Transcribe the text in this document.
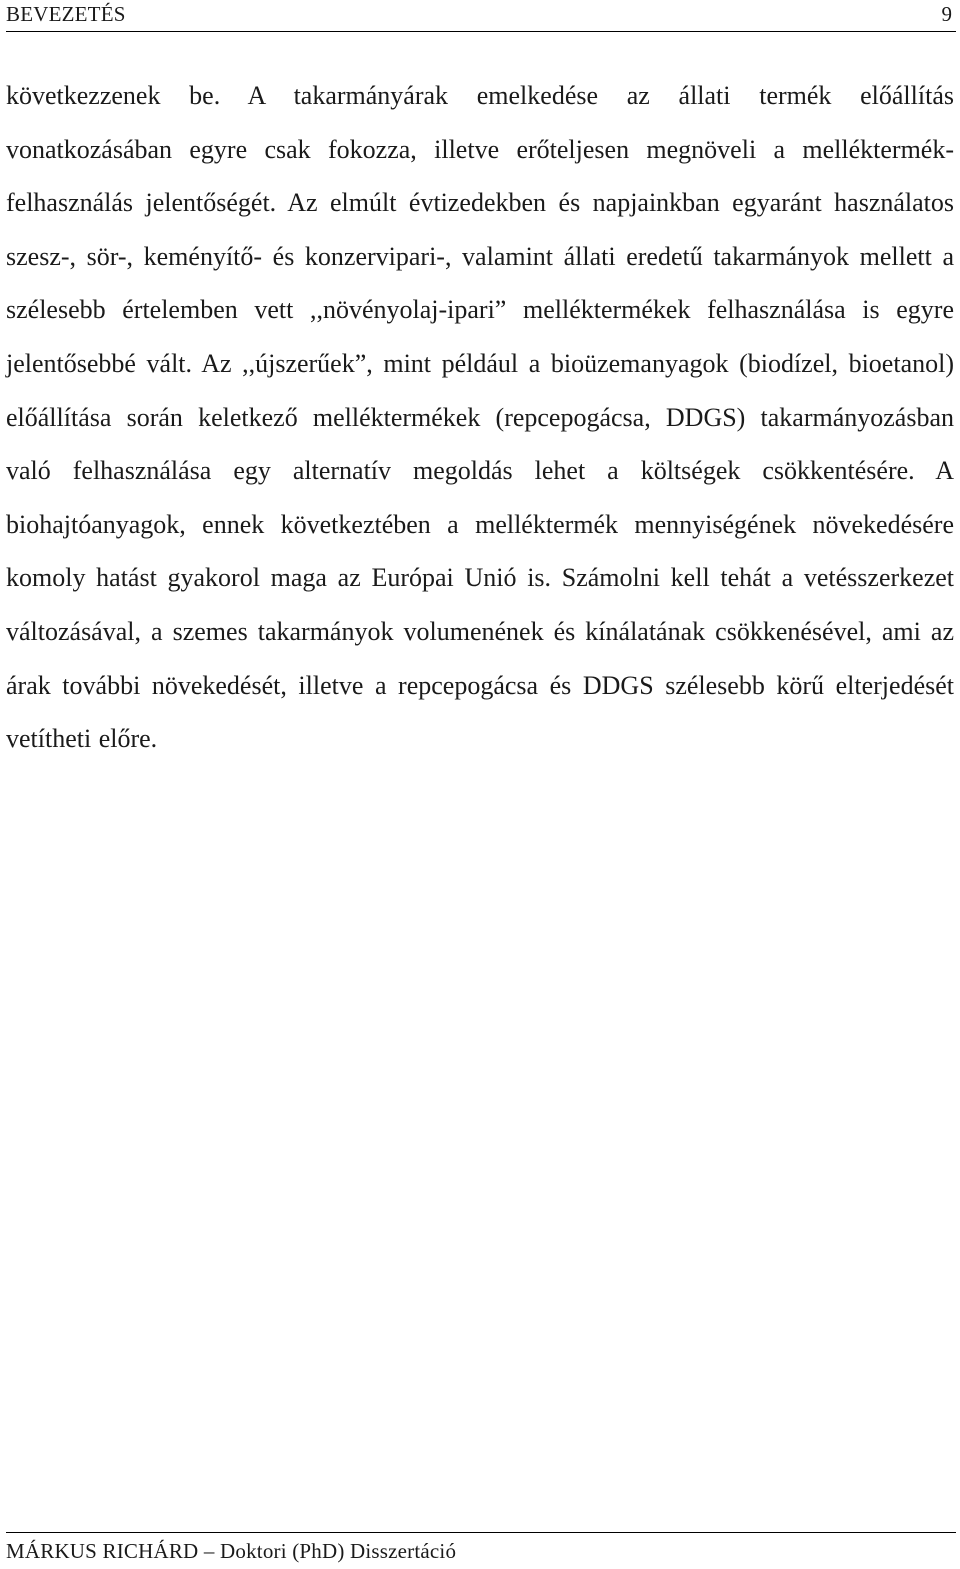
BEVEZETÉS	9

következzenek be. A takarmányárak emelkedése az állati termék előállítás vonatkozásában egyre csak fokozza, illetve erőteljesen megnöveli a melléktermék-felhasználás jelentőségét. Az elmúlt évtizedekben és napjainkban egyaránt használatos szesz-, sör-, keményítő- és konzervipari-, valamint állati eredetű takarmányok mellett a szélesebb értelemben vett ,,növényolaj-ipari” melléktermékek felhasználása is egyre jelentősebbé vált. Az ,,újszerűek”, mint például a bioüzemanyagok (biodízel, bioetanol) előállítása során keletkező melléktermékek (repcepogácsa, DDGS) takarmányozásban való felhasználása egy alternatív megoldás lehet a költségek csökkentésére. A biohajtóanyagok, ennek következtében a melléktermék mennyiségének növekedésére komoly hatást gyakorol maga az Európai Unió is. Számolni kell tehát a vetésszerkezet változásával, a szemes takarmányok volumenének és kínálatának csökkenésével, ami az árak további növekedését, illetve a repcepogácsa és DDGS szélesebb körű elterjedését vetítheti előre.

MÁRKUS RICHÁRD – Doktori (PhD) Disszertáció
